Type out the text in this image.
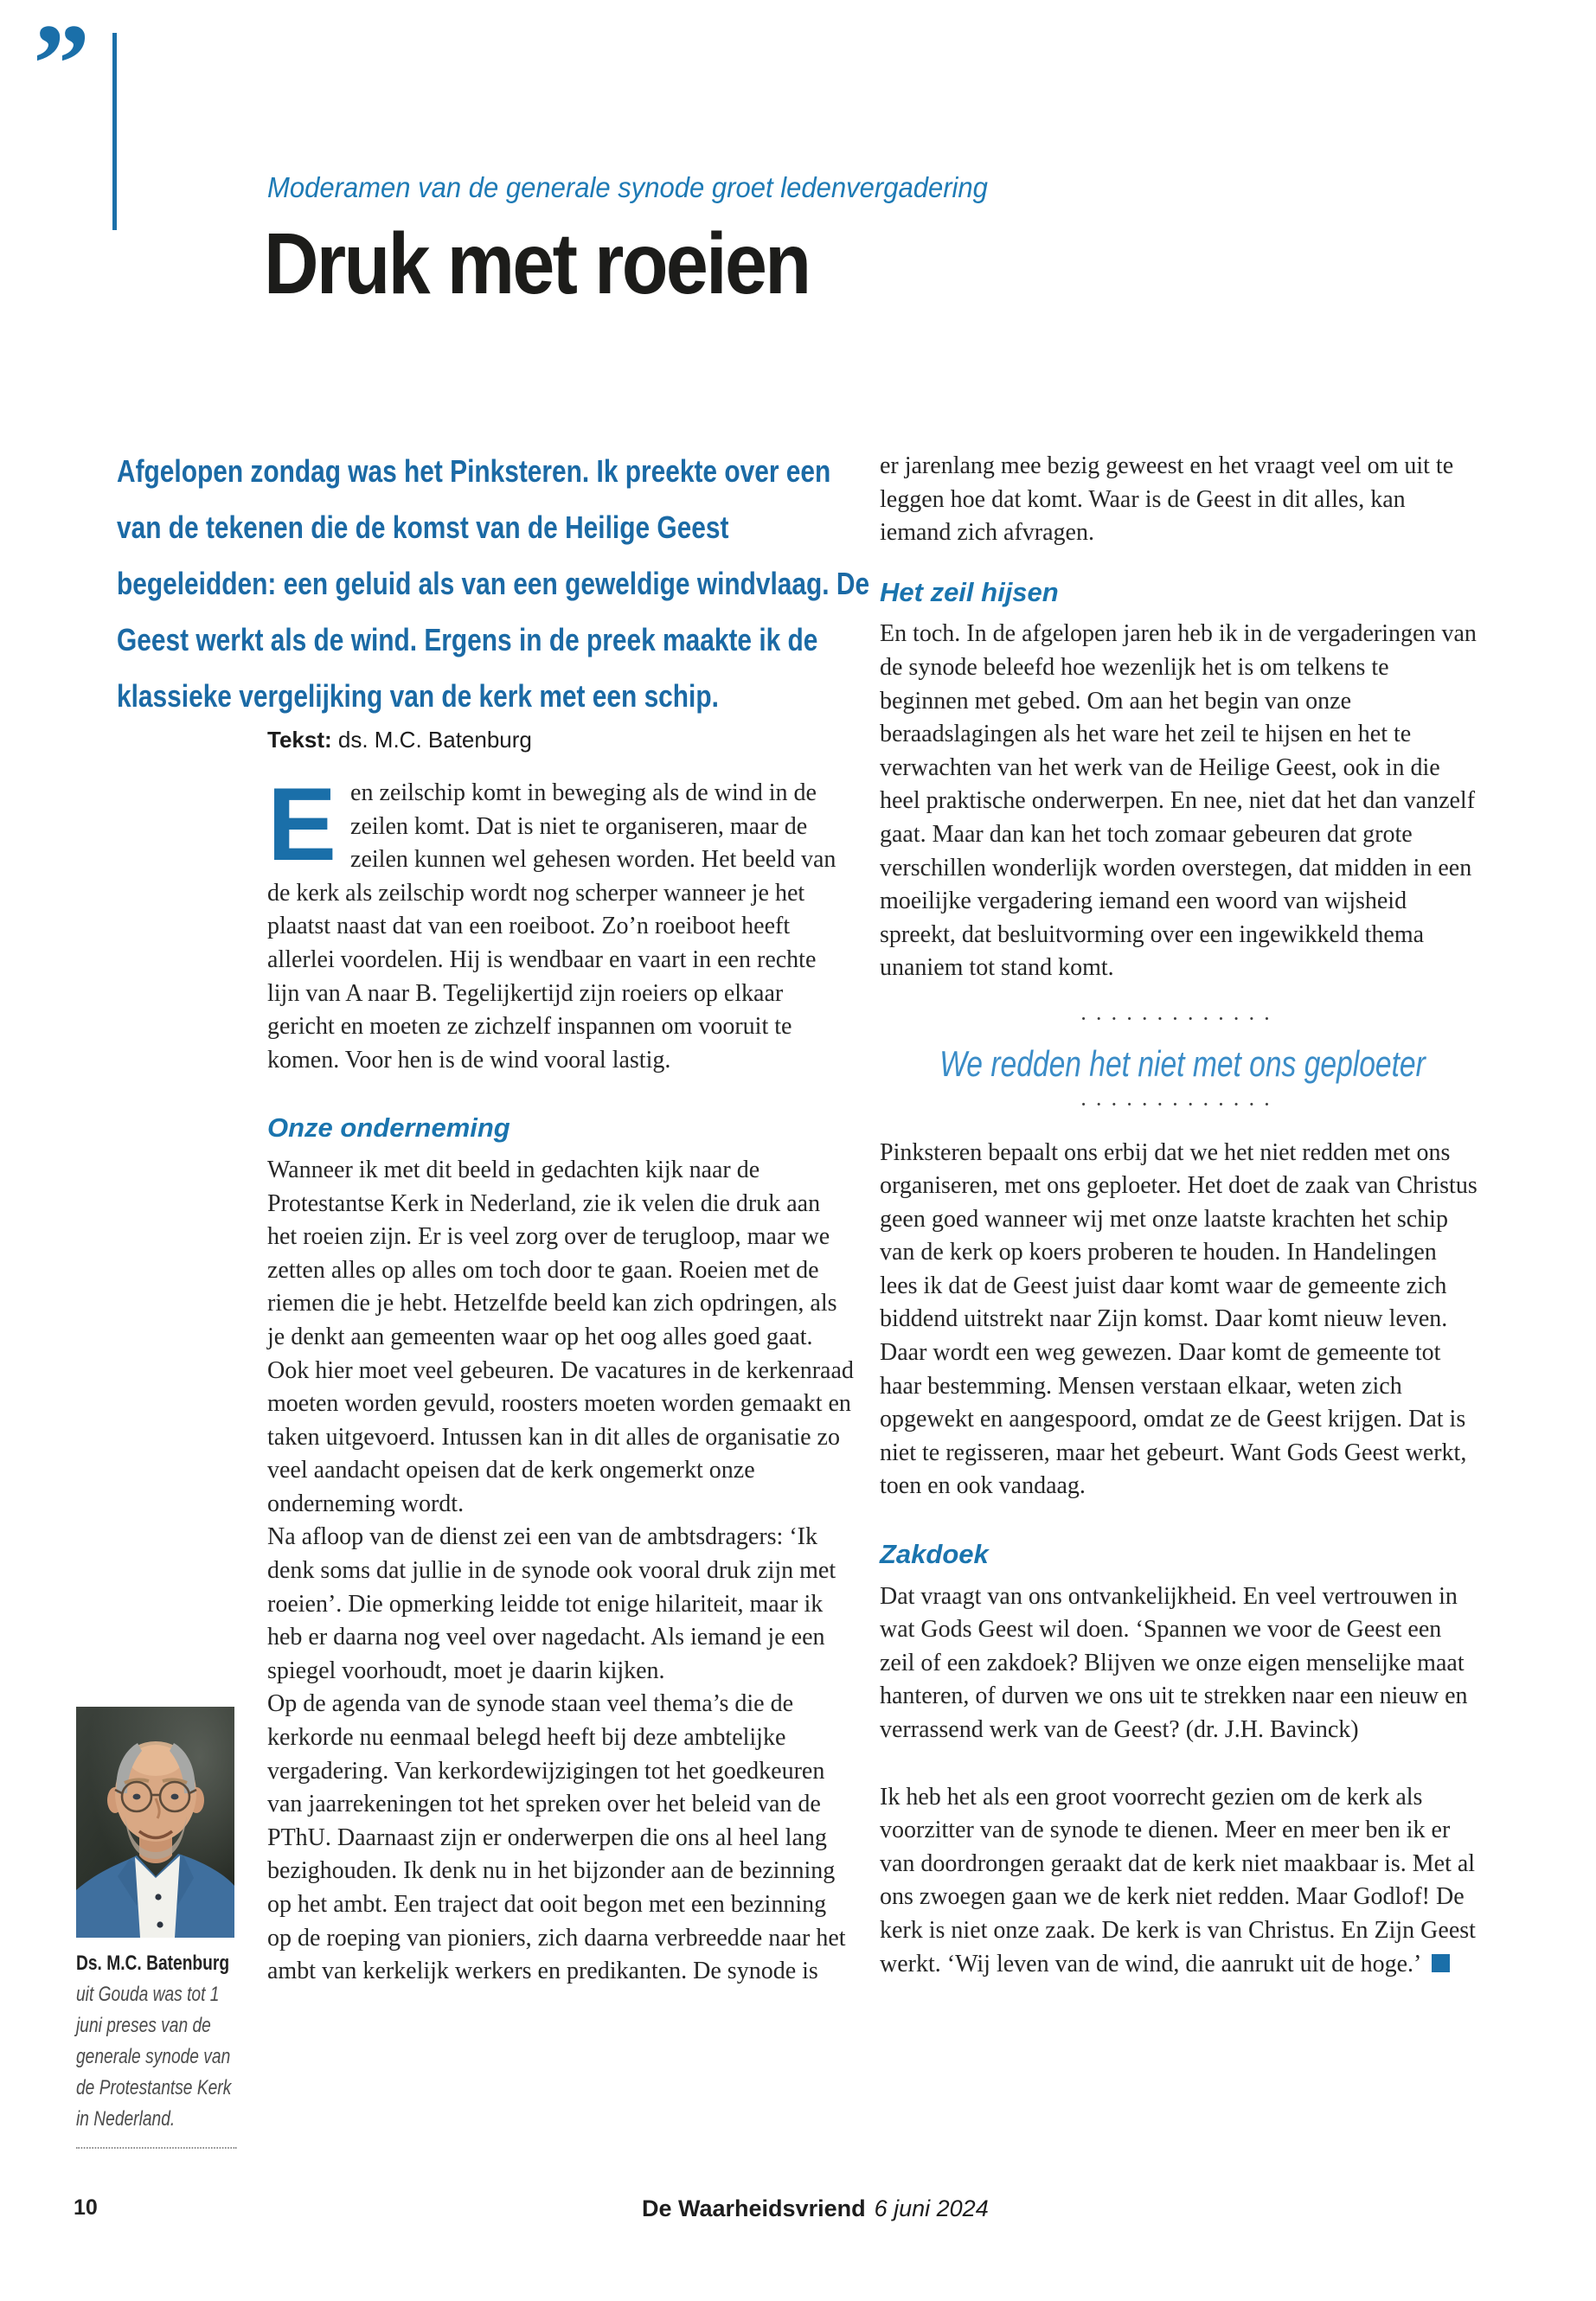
”

Moderamen van de generale synode groet ledenvergadering

Druk met roeien

Afgelopen zondag was het Pinksteren. Ik preekte over een van de tekenen die de komst van de Heilige Geest begeleidden: een geluid als van een geweldige windvlaag. De Geest werkt als de wind. Ergens in de preek maakte ik de klassieke vergelijking van de kerk met een schip.

Tekst: ds. M.C. Batenburg

Een zeilschip komt in beweging als de wind in de zeilen komt. Dat is niet te organiseren, maar de zeilen kunnen wel gehesen worden. Het beeld van de kerk als zeilschip wordt nog scherper wanneer je het plaatst naast dat van een roeiboot. Zo’n roeiboot heeft allerlei voordelen. Hij is wendbaar en vaart in een rechte lijn van A naar B. Tegelijkertijd zijn roeiers op elkaar gericht en moeten ze zichzelf inspannen om vooruit te komen. Voor hen is de wind vooral lastig.

Onze onderneming

Wanneer ik met dit beeld in gedachten kijk naar de Protestantse Kerk in Nederland, zie ik velen die druk aan het roeien zijn. Er is veel zorg over de terugloop, maar we zetten alles op alles om toch door te gaan. Roeien met de riemen die je hebt. Hetzelfde beeld kan zich opdringen, als je denkt aan gemeenten waar op het oog alles goed gaat. Ook hier moet veel gebeuren. De vacatures in de kerkenraad moeten worden gevuld, roosters moeten worden gemaakt en taken uitgevoerd. Intussen kan in dit alles de organisatie zo veel aandacht opeisen dat de kerk ongemerkt onze onderneming wordt.

Na afloop van de dienst zei een van de ambtsdragers: ‘Ik denk soms dat jullie in de synode ook vooral druk zijn met roeien’. Die opmerking leidde tot enige hilariteit, maar ik heb er daarna nog veel over nagedacht. Als iemand je een spiegel voorhoudt, moet je daarin kijken.

Op de agenda van de synode staan veel thema’s die de kerkorde nu eenmaal belegd heeft bij deze ambtelijke vergadering. Van kerkordewijzigingen tot het goedkeuren van jaarrekeningen tot het spreken over het beleid van de PThU. Daarnaast zijn er onderwerpen die ons al heel lang bezighouden. Ik denk nu in het bijzonder aan de bezinning op het ambt. Een traject dat ooit begon met een bezinning op de roeping van pioniers, zich daarna verbreedde naar het ambt van kerkelijk werkers en predikanten. De synode is

er jarenlang mee bezig geweest en het vraagt veel om uit te leggen hoe dat komt. Waar is de Geest in dit alles, kan iemand zich afvragen.

Het zeil hijsen

En toch. In de afgelopen jaren heb ik in de vergaderingen van de synode beleefd hoe wezenlijk het is om telkens te beginnen met gebed. Om aan het begin van onze beraadslagingen als het ware het zeil te hijsen en het te verwachten van het werk van de Heilige Geest, ook in die heel praktische onderwerpen. En nee, niet dat het dan vanzelf gaat. Maar dan kan het toch zomaar gebeuren dat grote verschillen wonderlijk worden overstegen, dat midden in een moeilijke vergadering iemand een woord van wijsheid spreekt, dat besluitvorming over een ingewikkeld thema unaniem tot stand komt.

·············
We redden het niet met ons geploeter
·············

Pinksteren bepaalt ons erbij dat we het niet redden met ons organiseren, met ons geploeter. Het doet de zaak van Christus geen goed wanneer wij met onze laatste krachten het schip van de kerk op koers proberen te houden. In Handelingen lees ik dat de Geest juist daar komt waar de gemeente zich biddend uitstrekt naar Zijn komst. Daar komt nieuw leven. Daar wordt een weg gewezen. Daar komt de gemeente tot haar bestemming. Mensen verstaan elkaar, weten zich opgewekt en aangespoord, omdat ze de Geest krijgen. Dat is niet te regisseren, maar het gebeurt. Want Gods Geest werkt, toen en ook vandaag.

Zakdoek

Dat vraagt van ons ontvankelijkheid. En veel vertrouwen in wat Gods Geest wil doen. ‘Spannen we voor de Geest een zeil of een zakdoek? Blijven we onze eigen menselijke maat hanteren, of durven we ons uit te strekken naar een nieuw en verrassend werk van de Geest? (dr. J.H. Bavinck)

Ik heb het als een groot voorrecht gezien om de kerk als voorzitter van de synode te dienen. Meer en meer ben ik er van doordrongen geraakt dat de kerk niet maakbaar is. Met al ons zwoegen gaan we de kerk niet redden. Maar Godlof! De kerk is niet onze zaak. De kerk is van Christus. En Zijn Geest werkt. ‘Wij leven van de wind, die aanrukt uit de hoge.’

Ds. M.C. Batenburg
uit Gouda was tot 1 juni preses van de generale synode van de Protestantse Kerk in Nederland.
10	De Waarheidsvriend 6 juni 2024
